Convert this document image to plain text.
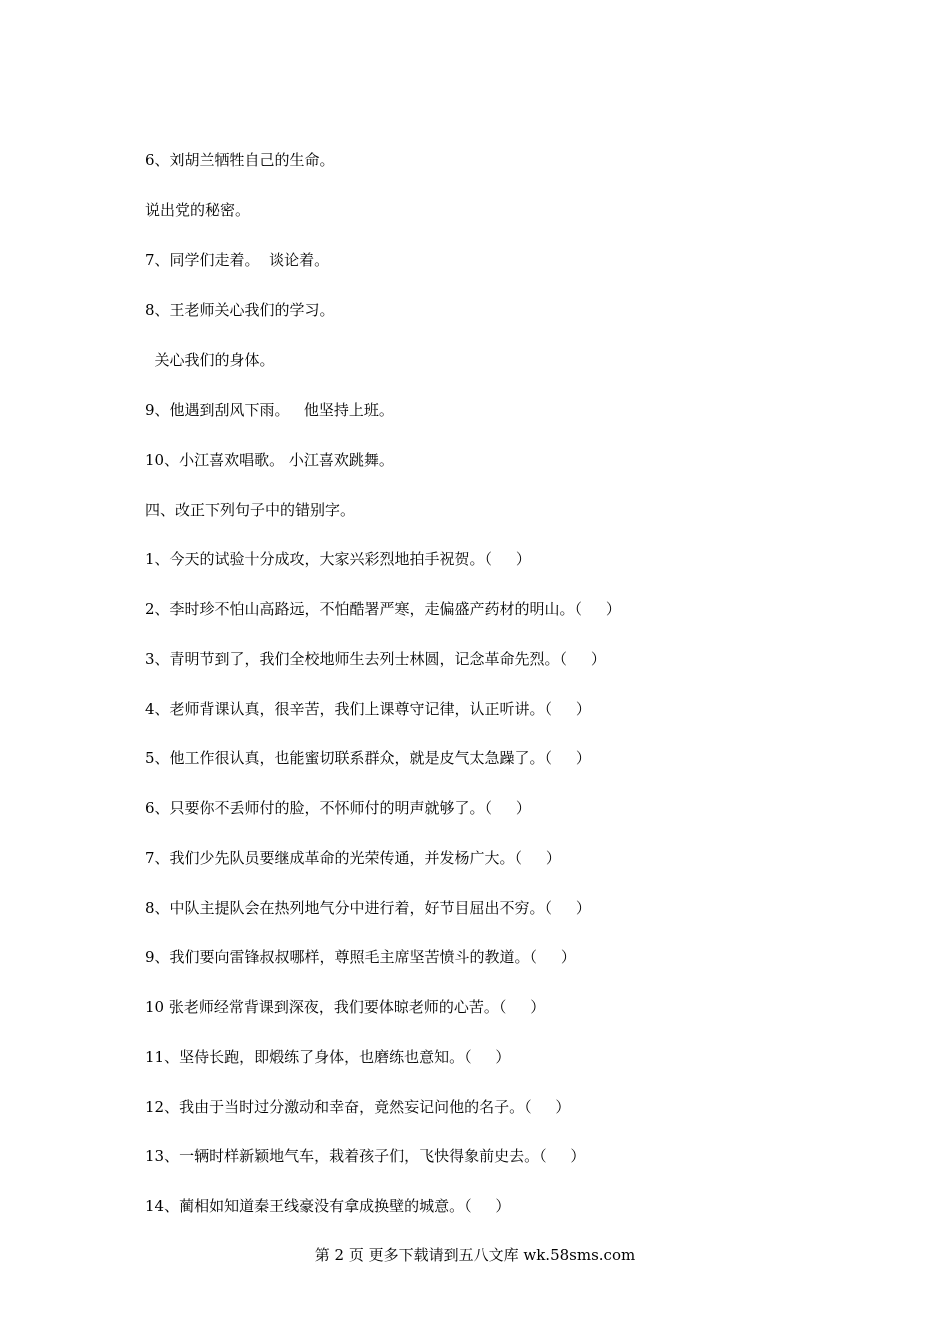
6、刘胡兰牺牲自己的生命。
说出党的秘密。
7、同学们走着。  谈论着。
8、王老师关心我们的学习。
关心我们的身体。
9、他遇到刮风下雨。   他坚持上班。
10、小江喜欢唱歌。 小江喜欢跳舞。
四、改正下列句子中的错别字。
1、今天的试验十分成攻，大家兴彩烈地拍手祝贺。（     ）
2、李时珍不怕山高路远，不怕酷署严寒，走偏盛产药材的明山。（     ）
3、青明节到了，我们全校地师生去列士林圆，记念革命先烈。（     ）
4、老师背课认真，很辛苦，我们上课尊守记律，认正听讲。（     ）
5、他工作很认真，也能蜜切联系群众，就是皮气太急躁了。（     ）
6、只要你不丢师付的脸，不怀师付的明声就够了。（     ）
7、我们少先队员要继成革命的光荣传通，并发杨广大。（     ）
8、中队主提队会在热列地气分中进行着，好节目屈出不穷。（     ）
9、我们要向雷锋叔叔哪样，尊照毛主席坚苦愤斗的教道。（     ）
10 张老师经常背课到深夜，我们要体晾老师的心苦。（     ）
11、坚侍长跑，即煅练了身体，也磨练也意知。（     ）
12、我由于当时过分激动和幸奋，竟然妄记问他的名子。（     ）
13、一辆时样新颖地气车，栽着孩子们，飞快得象前史去。（     ）
14、蔺相如知道秦王线豪没有拿成换壁的城意。（     ）
第 2 页 更多下载请到五八文库 wk.58sms.com
